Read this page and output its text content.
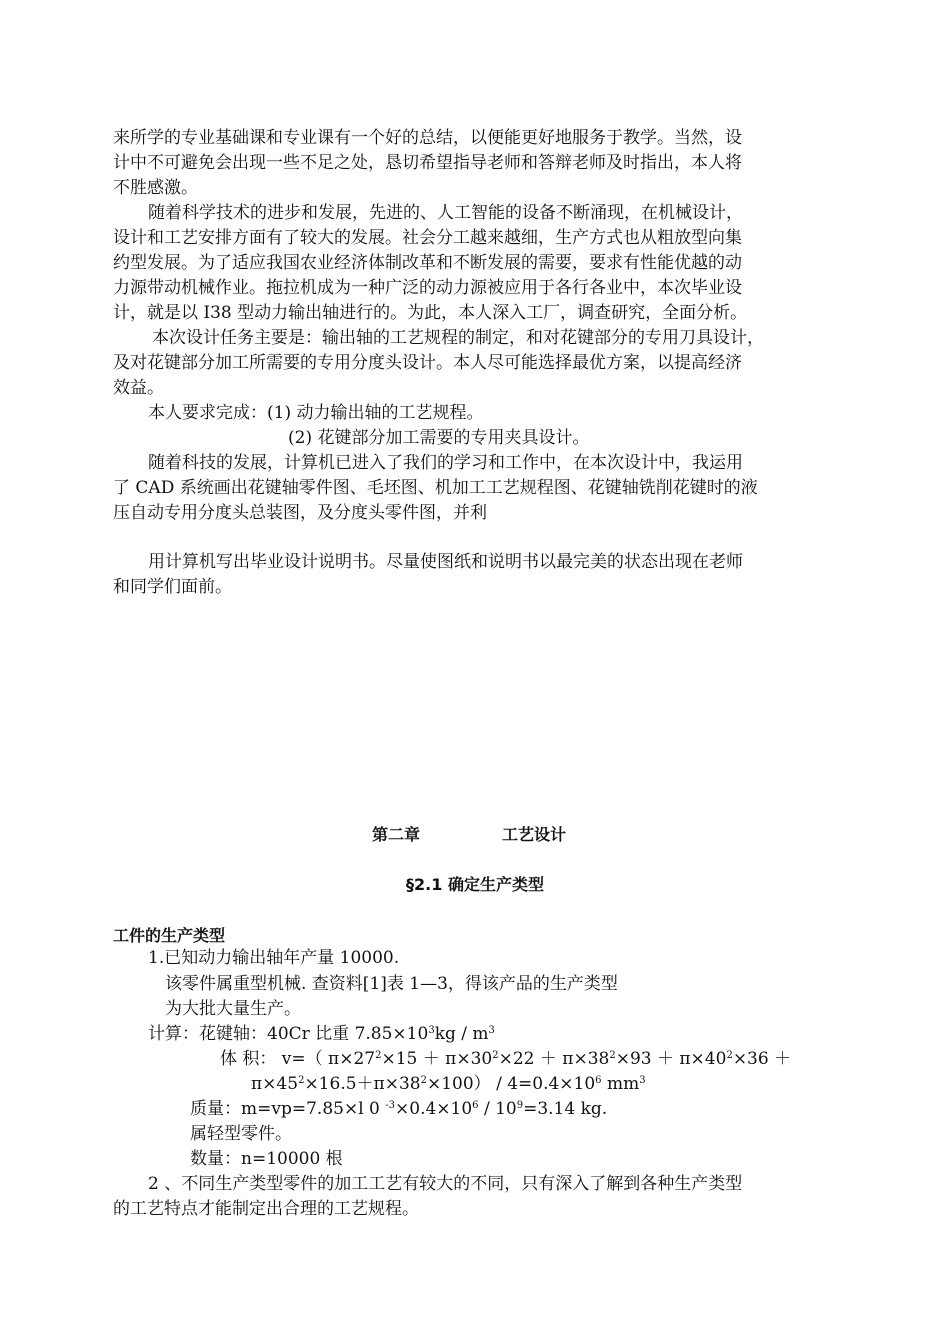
来所学的专业基础课和专业课有一个好的总结，以便能更好地服务于教学。当然，设
计中不可避免会出现一些不足之处，恳切希望指导老师和答辩老师及时指出，本人将
不胜感激。
随着科学技术的进步和发展，先进的、人工智能的设备不断涌现，在机械设计，
设计和工艺安排方面有了较大的发展。社会分工越来越细，生产方式也从粗放型向集
约型发展。为了适应我国农业经济体制改革和不断发展的需要，要求有性能优越的动
力源带动机械作业。拖拉机成为一种广泛的动力源被应用于各行各业中，本次毕业设
计，就是以 I38 型动力输出轴进行的。为此，本人深入工厂，调查研究，全面分析。
本次设计任务主要是：输出轴的工艺规程的制定，和对花键部分的专用刀具设计，
及对花键部分加工所需要的专用分度头设计。本人尽可能选择最优方案，以提高经济
效益。
本人要求完成：(1) 动力输出轴的工艺规程。
(2) 花键部分加工需要的专用夹具设计。
随着科技的发展，计算机已进入了我们的学习和工作中，在本次设计中，我运用
了 CAD 系统画出花键轴零件图、毛坯图、机加工工艺规程图、花键轴铣削花键时的液
压自动专用分度头总装图，及分度头零件图，并利
用计算机写出毕业设计说明书。尽量使图纸和说明书以最完美的状态出现在老师
和同学们面前。
第二章	工艺设计
§2.1 确定生产类型
工件的生产类型
1.已知动力输出轴年产量 10000.
该零件属重型机械. 查资料[1]表 1—3，得该产品的生产类型
为大批大量生产。
计算：花键轴：40Cr 比重 $7.85\times 10^3kg / m^3$
体 积： v=（ $\pi\times 27^2\times 15 + \pi\times 30^2\times 22 + \pi\times 38^2\times 93 + \pi\times 40^2\times 36$ ＋
$\pi\times 45^2\times 16.5+\pi\times 38^2\times 100) / 4=0.4\times 10^6$ $mm^3$
质量：m=vp=7.85×l 0 $^{-3}\times 0.4\times 10^6 / 10^9=3.14$ kg.
属轻型零件。
数量：n=10000 根
2 、不同生产类型零件的加工工艺有较大的不同，只有深入了解到各种生产类型
的工艺特点才能制定出合理的工艺规程。
